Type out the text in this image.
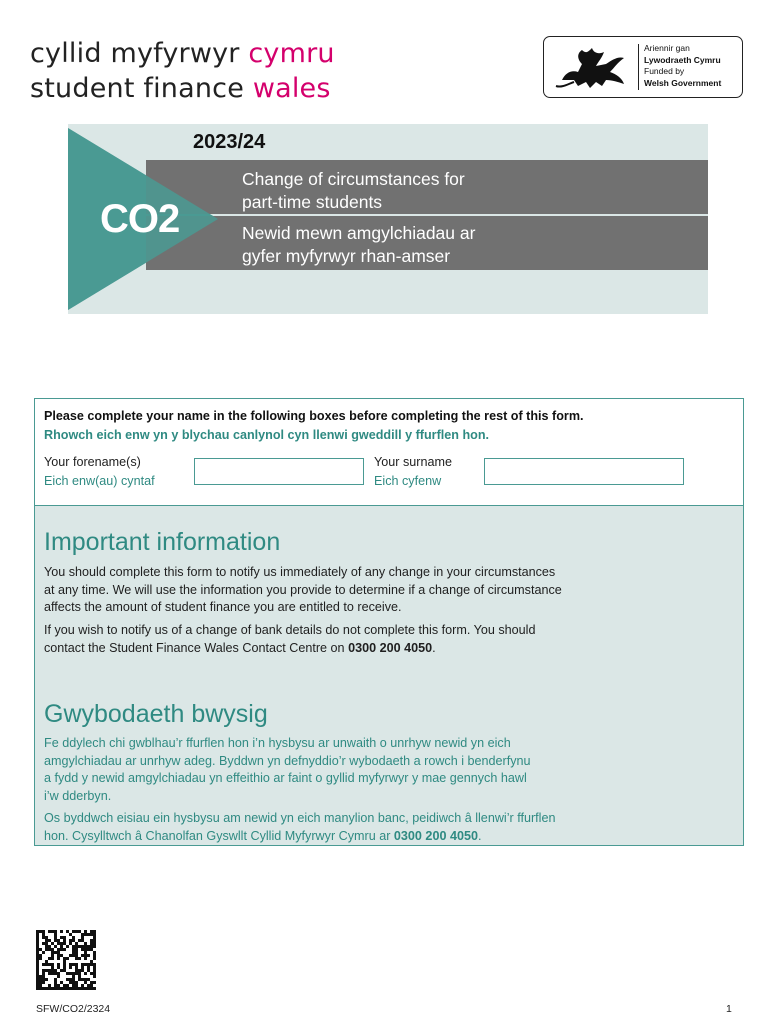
cyllid myfyrwyr cymru
student finance wales
Ariennir gan
Lywodraeth Cymru
Funded by
Welsh Government
2023/24
CO2
Change of circumstances for
part-time students
Newid mewn amgylchiadau ar
gyfer myfyrwyr rhan-amser
Please complete your name in the following boxes before completing the rest of this form.
Rhowch eich enw yn y blychau canlynol cyn llenwi gweddill y ffurflen hon.
Your forename(s)
Eich enw(au) cyntaf
Your surname
Eich cyfenw
Important information
You should complete this form to notify us immediately of any change in your circumstances
at any time. We will use the information you provide to determine if a change of circumstance
affects the amount of student finance you are entitled to receive.
If you wish to notify us of a change of bank details do not complete this form. You should
contact the Student Finance Wales Contact Centre on 0300 200 4050.
Gwybodaeth bwysig
Fe ddylech chi gwblhau’r ffurflen hon i’n hysbysu ar unwaith o unrhyw newid yn eich
amgylchiadau ar unrhyw adeg. Byddwn yn defnyddio’r wybodaeth a rowch i benderfynu
a fydd y newid amgylchiadau yn effeithio ar faint o gyllid myfyrwyr y mae gennych hawl
i’w dderbyn.
Os byddwch eisiau ein hysbysu am newid yn eich manylion banc, peidiwch â llenwi’r ffurflen
hon. Cysylltwch â Chanolfan Gyswllt Cyllid Myfyrwyr Cymru ar 0300 200 4050.
SFW/CO2/2324	1
